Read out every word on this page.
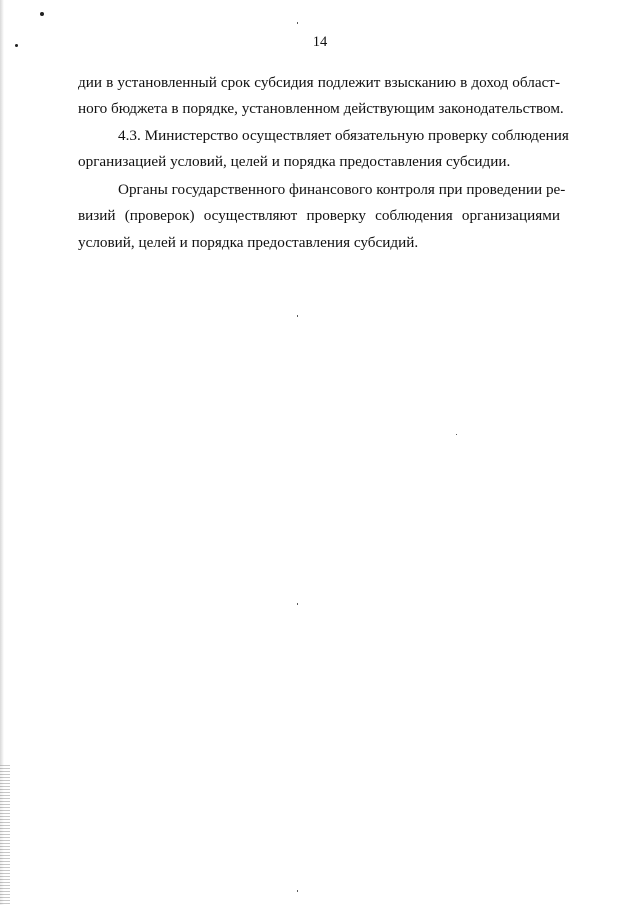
14
дии в установленный срок субсидия подлежит взысканию в доход област-
ного бюджета в порядке, установленном действующим законодательством.
4.3. Министерство осуществляет обязательную проверку соблюдения
организацией условий, целей и порядка предоставления субсидии.
Органы государственного финансового контроля при проведении ре-
визий (проверок) осуществляют проверку соблюдения организациями
условий, целей и порядка предоставления субсидий.
